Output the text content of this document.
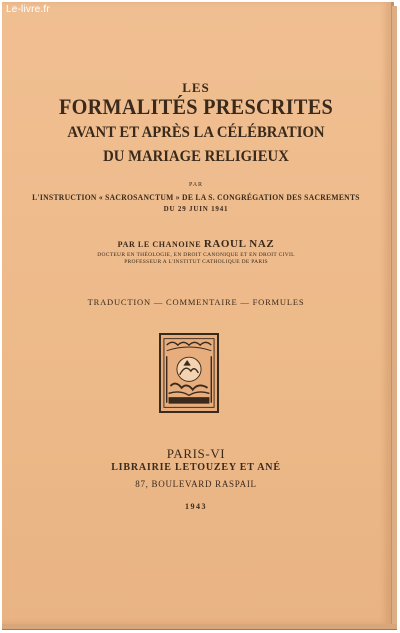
Le-livre.fr
LES
FORMALITÉS PRESCRITES
AVANT ET APRÈS LA CÉLÉBRATION
DU MARIAGE RELIGIEUX
PAR
L'INSTRUCTION « SACROSANCTUM » DE LA S. CONGRÉGATION DES SACREMENTS
DU 29 JUIN 1941
PAR LE CHANOINE RAOUL NAZ
DOCTEUR EN THÉOLOGIE, EN DROIT CANONIQUE ET EN DROIT CIVIL
PROFESSEUR A L'INSTITUT CATHOLIQUE DE PARIS
TRADUCTION — COMMENTAIRE — FORMULES
PARIS-VI
LIBRAIRIE LETOUZEY ET ANÉ
87, BOULEVARD RASPAIL
1943
